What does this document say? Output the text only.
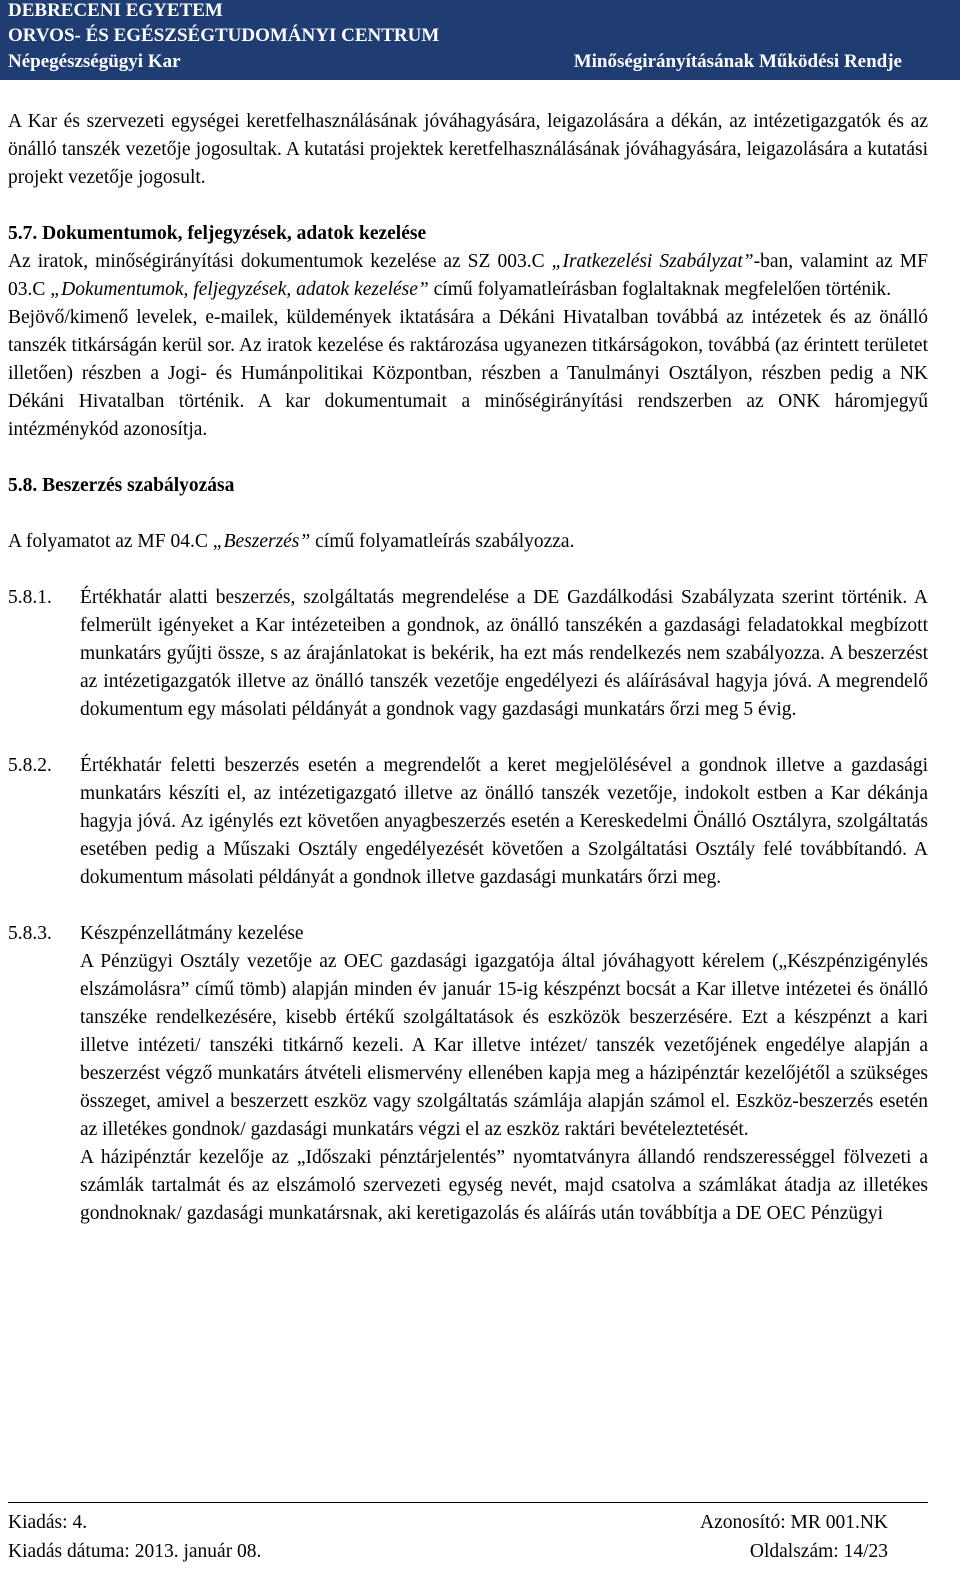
DEBRECENI EGYETEM
ORVOS- ÉS EGÉSZSÉGTUDOMÁNYI CENTRUM
Népegészségügyi Kar	Minőségirányításának Működési Rendje

A Kar és szervezeti egységei keretfelhasználásának jóváhagyására, leigazolására a dékán, az intézetigazgatók és az önálló tanszék vezetője jogosultak. A kutatási projektek keretfelhasználásának jóváhagyására, leigazolására a kutatási projekt vezetője jogosult.

5.7. Dokumentumok, feljegyzések, adatok kezelése

Az iratok, minőségirányítási dokumentumok kezelése az SZ 003.C „Iratkezelési Szabályzat”-ban, valamint az MF 03.C „Dokumentumok, feljegyzések, adatok kezelése” című folyamatleírásban foglaltaknak megfelelően történik.

Bejövő/kimenő levelek, e-mailek, küldemények iktatására a Dékáni Hivatalban továbbá az intézetek és az önálló tanszék titkárságán kerül sor. Az iratok kezelése és raktározása ugyanezen titkárságokon, továbbá (az érintett területet illetően) részben a Jogi- és Humánpolitikai Központban, részben a Tanulmányi Osztályon, részben pedig a NK Dékáni Hivatalban történik. A kar dokumentumait a minőségirányítási rendszerben az ONK háromjegyű intézménykód azonosítja.

5.8. Beszerzés szabályozása

A folyamatot az MF 04.C „Beszerzés” című folyamatleírás szabályozza.

5.8.1.	Értékhatár alatti beszerzés, szolgáltatás megrendelése a DE Gazdálkodási Szabályzata szerint történik. A felmerült igényeket a Kar intézeteiben a gondnok, az önálló tanszékén a gazdasági feladatokkal megbízott munkatárs gyűjti össze, s az árajánlatokat is bekérik, ha ezt más rendelkezés nem szabályozza. A beszerzést az intézetigazgatók illetve az önálló tanszék vezetője engedélyezi és aláírásával hagyja jóvá. A megrendelő dokumentum egy másolati példányát a gondnok vagy gazdasági munkatárs őrzi meg 5 évig.
5.8.2.	Értékhatár feletti beszerzés esetén a megrendelőt a keret megjelölésével a gondnok illetve a gazdasági munkatárs készíti el, az intézetigazgató illetve az önálló tanszék vezetője, indokolt estben a Kar dékánja hagyja jóvá. Az igénylés ezt követően anyagbeszerzés esetén a Kereskedelmi Önálló Osztályra, szolgáltatás esetében pedig a Műszaki Osztály engedélyezését követően a Szolgáltatási Osztály felé továbbítandó. A dokumentum másolati példányát a gondnok illetve gazdasági munkatárs őrzi meg.
5.8.3.	Készpénzellátmány kezelése

A Pénzügyi Osztály vezetője az OEC gazdasági igazgatója által jóváhagyott kérelem („Készpénzigénylés elszámolásra” című tömb) alapján minden év január 15-ig készpénzt bocsát a Kar illetve intézetei és önálló tanszéke rendelkezésére, kisebb értékű szolgáltatások és eszközök beszerzésére. Ezt a készpénzt a kari illetve intézeti/ tanszéki titkárnő kezeli. A Kar illetve intézet/ tanszék vezetőjének engedélye alapján a beszerzést végző munkatárs átvételi elismervény ellenében kapja meg a házipénztár kezelőjétől a szükséges összeget, amivel a beszerzett eszköz vagy szolgáltatás számlája alapján számol el. Eszköz-beszerzés esetén az illetékes gondnok/ gazdasági munkatárs végzi el az eszköz raktári bevételeztetését.

A házipénztár kezelője az „Időszaki pénztárjelentés” nyomtatványra állandó rendszerességgel fölvezeti a számlák tartalmát és az elszámoló szervezeti egység nevét, majd csatolva a számlákat átadja az illetékes gondnoknak/ gazdasági munkatársnak, aki keretigazolás és aláírás után továbbítja a DE OEC Pénzügyi

Kiadás: 4.	Azonosító: MR 001.NK
Kiadás dátuma: 2013. január 08.	Oldalszám: 14/23
